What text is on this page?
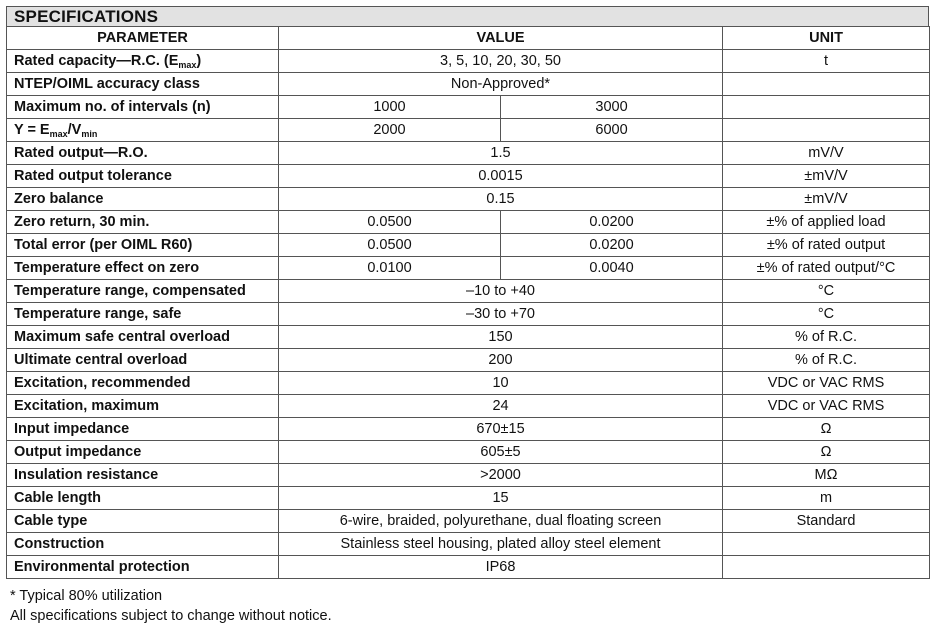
SPECIFICATIONS
PARAMETER	VALUE		UNIT
Rated capacity—R.C. $(E_{max})$	3, 5, 10, 20, 30, 50		t
NTEP/OIML accuracy class	Non-Approved*		
Maximum no. of intervals (n)	1000	3000	
$Y = E_{max}/V_{min}$	2000	6000	
Rated output—R.O.	1.5		mV/V
Rated output tolerance	0.0015		±mV/V
Zero balance	0.15		±mV/V
Zero return, 30 min.	0.0500	0.0200	±% of applied load
Total error (per OIML R60)	0.0500	0.0200	±% of rated output
Temperature effect on zero	0.0100	0.0040	±% of rated output/°C
Temperature range, compensated	–10 to +40		°C
Temperature range, safe	–30 to +70		°C
Maximum safe central overload	150		% of R.C.
Ultimate central overload	200		% of R.C.
Excitation, recommended	10		VDC or VAC RMS
Excitation, maximum	24		VDC or VAC RMS
Input impedance	670±15		Ω
Output impedance	605±5		Ω
Insulation resistance	>2000		MΩ
Cable length	15		m
Cable type	6-wire, braided, polyurethane, dual floating screen		Standard
Construction	Stainless steel housing, plated alloy steel element		
Environmental protection	IP68		
* Typical 80% utilization
All specifications subject to change without notice.
